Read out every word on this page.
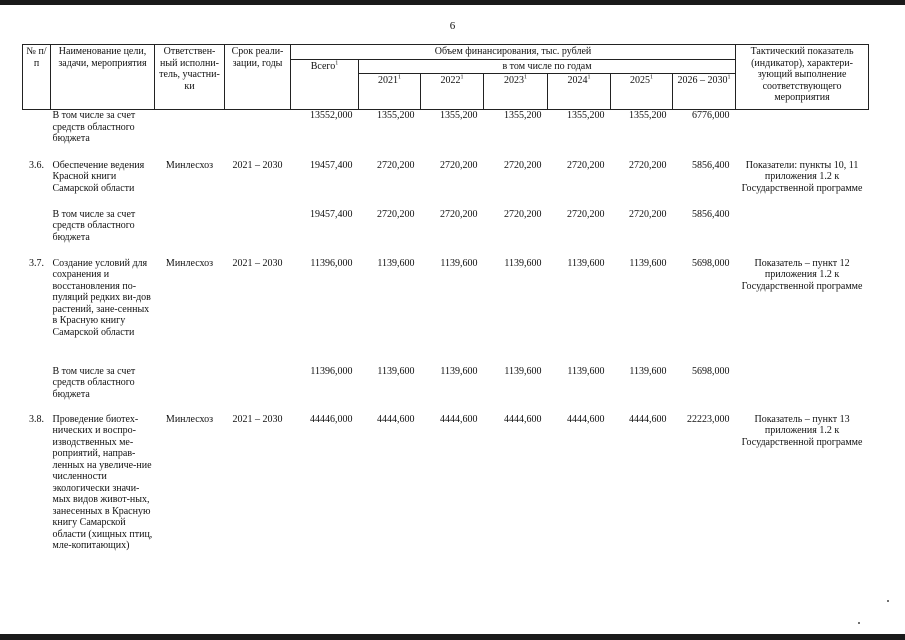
6
№ п/п	Наименование цели, задачи, мероприятия	Ответствен-ный исполни-тель, участни-ки	Срок реали-зации, годы	Объем финансирования, тыс. рублей							Тактический показатель (индикатор), характери-зующий выполнение соответствующего мероприятия
				Всего$^1$	в том числе по годам						
					2021$^1$	2022$^1$	2023$^1$	2024$^1$	2025$^1$	2026 – 2030$^1$
	В том числе за счет средств областного бюджета			13552,000	1355,200	1355,200	1355,200	1355,200	1355,200	6776,000	
3.6.	Обеспечение ведения Красной книги Самарской области	Минлесхоз	2021 – 2030	19457,400	2720,200	2720,200	2720,200	2720,200	2720,200	5856,400	Показатели: пункты 10, 11 приложения 1.2 к Государственной программе
	В том числе за счет средств областного бюджета			19457,400	2720,200	2720,200	2720,200	2720,200	2720,200	5856,400	
3.7.	Создание условий для сохранения и восстановления по-пуляций редких ви-дов растений, зане-сенных в Красную книгу Самарской области	Минлесхоз	2021 – 2030	11396,000	1139,600	1139,600	1139,600	1139,600	1139,600	5698,000	Показатель – пункт 12 приложения 1.2 к Государственной программе
	В том числе за счет средств областного бюджета			11396,000	1139,600	1139,600	1139,600	1139,600	1139,600	5698,000	
3.8.	Проведение биотех-нических и воспро-изводственных ме-роприятий, направ-ленных на увеличе-ние численности экологически значи-мых видов живот-ных, занесенных в Красную книгу Самарской области (хищных птиц, мле-копитающих)	Минлесхоз	2021 – 2030	44446,000	4444,600	4444,600	4444,600	4444,600	4444,600	22223,000	Показатель – пункт 13 приложения 1.2 к Государственной программе
